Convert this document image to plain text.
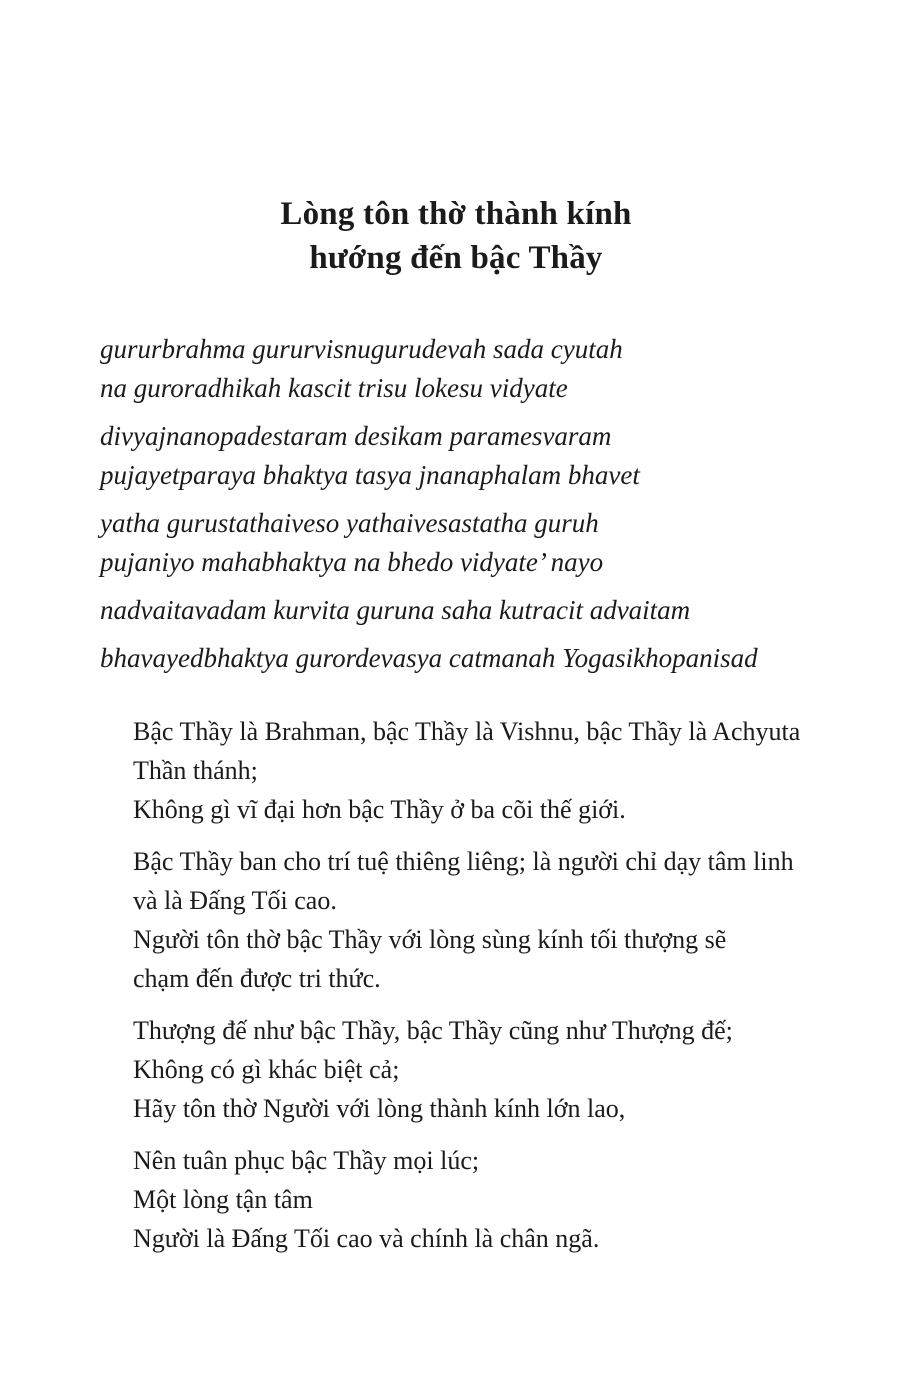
Lòng tôn thờ thành kính
hướng đến bậc Thầy
gururbrahma gururvisnugurudevah sada cyutah
na guroradhikah kascit trisu lokesu vidyate
divyajnanopadestaram desikam paramesvaram
pujayetparaya bhaktya tasya jnanaphalam bhavet
yatha gurustathaiveso yathaivesastatha guruh
pujaniyo mahabhaktya na bhedo vidyate’ nayo
nadvaitavadam kurvita guruna saha kutracit advaitam
bhavayedbhaktya gurordevasya catmanah Yogasikhopanisad
Bậc Thầy là Brahman, bậc Thầy là Vishnu, bậc Thầy là Achyuta
Thần thánh;
Không gì vĩ đại hơn bậc Thầy ở ba cõi thế giới.
Bậc Thầy ban cho trí tuệ thiêng liêng; là người chỉ dạy tâm linh
và là Đấng Tối cao.
Người tôn thờ bậc Thầy với lòng sùng kính tối thượng sẽ
chạm đến được tri thức.
Thượng đế như bậc Thầy, bậc Thầy cũng như Thượng đế;
Không có gì khác biệt cả;
Hãy tôn thờ Người với lòng thành kính lớn lao,
Nên tuân phục bậc Thầy mọi lúc;
Một lòng tận tâm
Người là Đấng Tối cao và chính là chân ngã.
